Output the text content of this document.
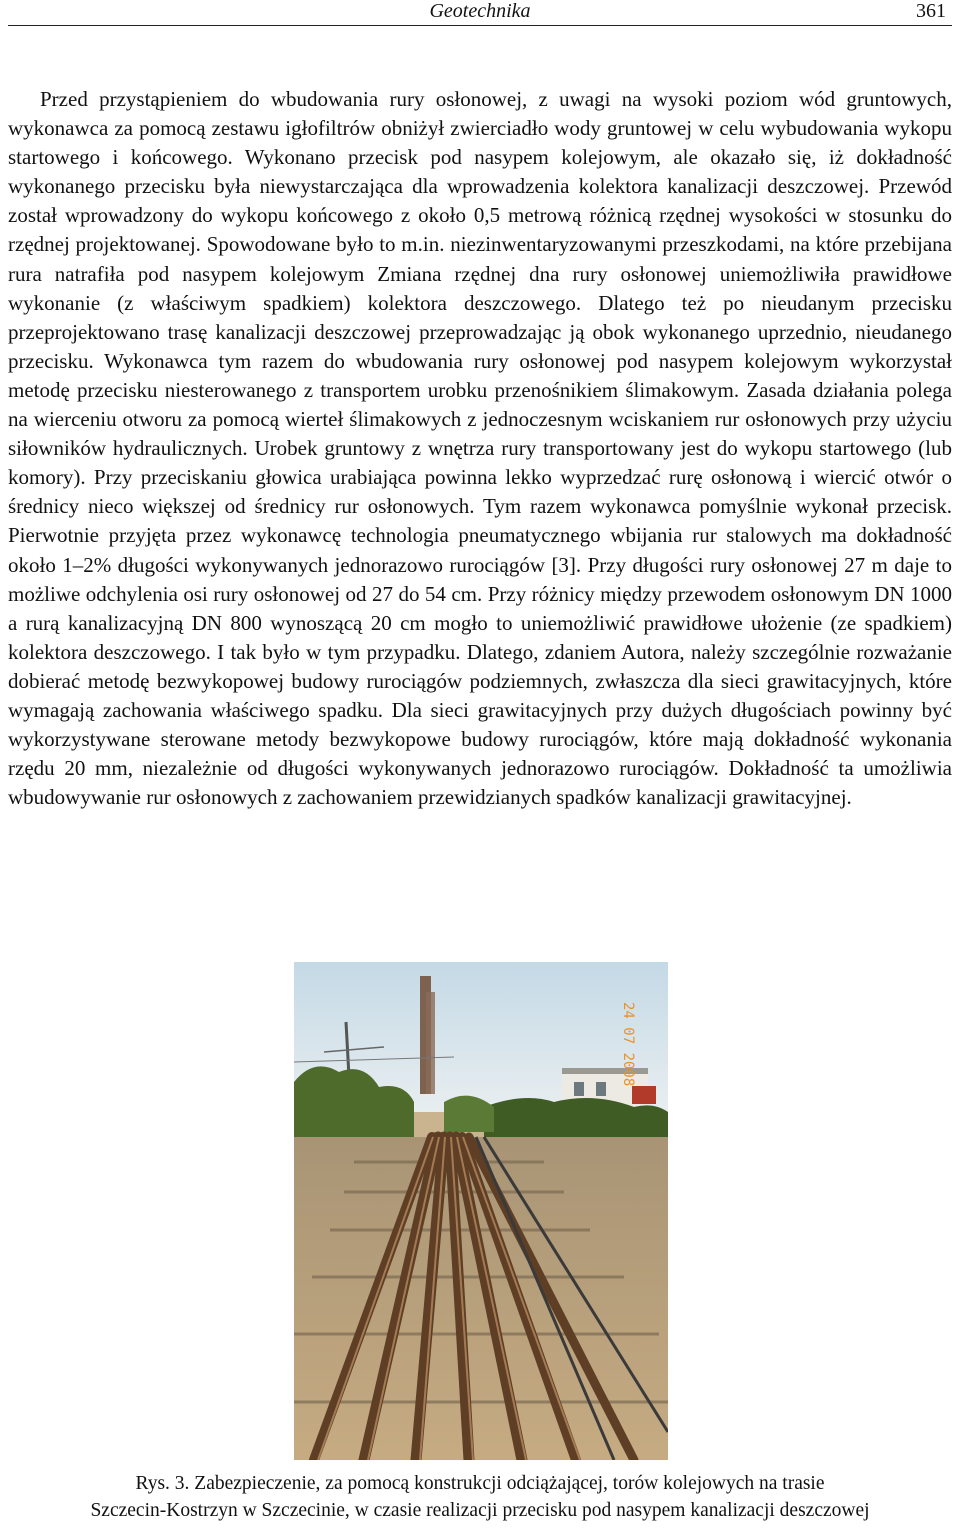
Geotechnika	361

Przed przystąpieniem do wbudowania rury osłonowej, z uwagi na wysoki poziom wód gruntowych, wykonawca za pomocą zestawu igłofiltrów obniżył zwierciadło wody gruntowej w celu wybudowania wykopu startowego i końcowego. Wykonano przecisk pod nasypem kolejowym, ale okazało się, iż dokładność wykonanego przecisku była niewystarczająca dla wprowadzenia kolektora kanalizacji deszczowej. Przewód został wprowadzony do wykopu końcowego z około 0,5 metrową różnicą rzędnej wysokości w stosunku do rzędnej projektowanej. Spowodowane było to m.in. niezinwentaryzowanymi przeszkodami, na które przebijana rura natrafiła pod nasypem kolejowym Zmiana rzędnej dna rury osłonowej uniemożliwiła prawidłowe wykonanie (z właściwym spadkiem) kolektora deszczowego. Dlatego też po nieudanym przecisku przeprojektowano trasę kanalizacji deszczowej przeprowadzając ją obok wykonanego uprzednio, nieudanego przecisku. Wykonawca tym razem do wbudowania rury osłonowej pod nasypem kolejowym wykorzystał metodę przecisku niesterowanego z transportem urobku przenośnikiem ślimakowym. Zasada działania polega na wierceniu otworu za pomocą wierteł ślimakowych z jednoczesnym wciskaniem rur osłonowych przy użyciu siłowników hydraulicznych. Urobek gruntowy z wnętrza rury transportowany jest do wykopu startowego (lub komory). Przy przeciskaniu głowica urabiająca powinna lekko wyprzedzać rurę osłonową i wiercić otwór o średnicy nieco większej od średnicy rur osłonowych. Tym razem wykonawca pomyślnie wykonał przecisk. Pierwotnie przyjęta przez wykonawcę technologia pneumatycznego wbijania rur stalowych ma dokładność około 1–2% długości wykonywanych jednorazowo rurociągów [3]. Przy długości rury osłonowej 27 m daje to możliwe odchylenia osi rury osłonowej od 27 do 54 cm. Przy różnicy między przewodem osłonowym DN 1000 a rurą kanalizacyjną DN 800 wynoszącą 20 cm mogło to uniemożliwić prawidłowe ułożenie (ze spadkiem) kolektora deszczowego. I tak było w tym przypadku. Dlatego, zdaniem Autora, należy szczególnie rozważanie dobierać metodę bezwykopowej budowy rurociągów podziemnych, zwłaszcza dla sieci grawitacyjnych, które wymagają zachowania właściwego spadku. Dla sieci grawitacyjnych przy dużych długościach powinny być wykorzystywane sterowane metody bezwykopowe budowy rurociągów, które mają dokładność wykonania rzędu 20 mm, niezależnie od długości wykonywanych jednorazowo rurociągów. Dokładność ta umożliwia wbudowywanie rur osłonowych z zachowaniem przewidzianych spadków kanalizacji grawitacyjnej.

24 07 2008
Rys. 3. Zabezpieczenie, za pomocą konstrukcji odciążającej, torów kolejowych na trasie
Szczecin-Kostrzyn w Szczecinie, w czasie realizacji przecisku pod nasypem kanalizacji deszczowej
